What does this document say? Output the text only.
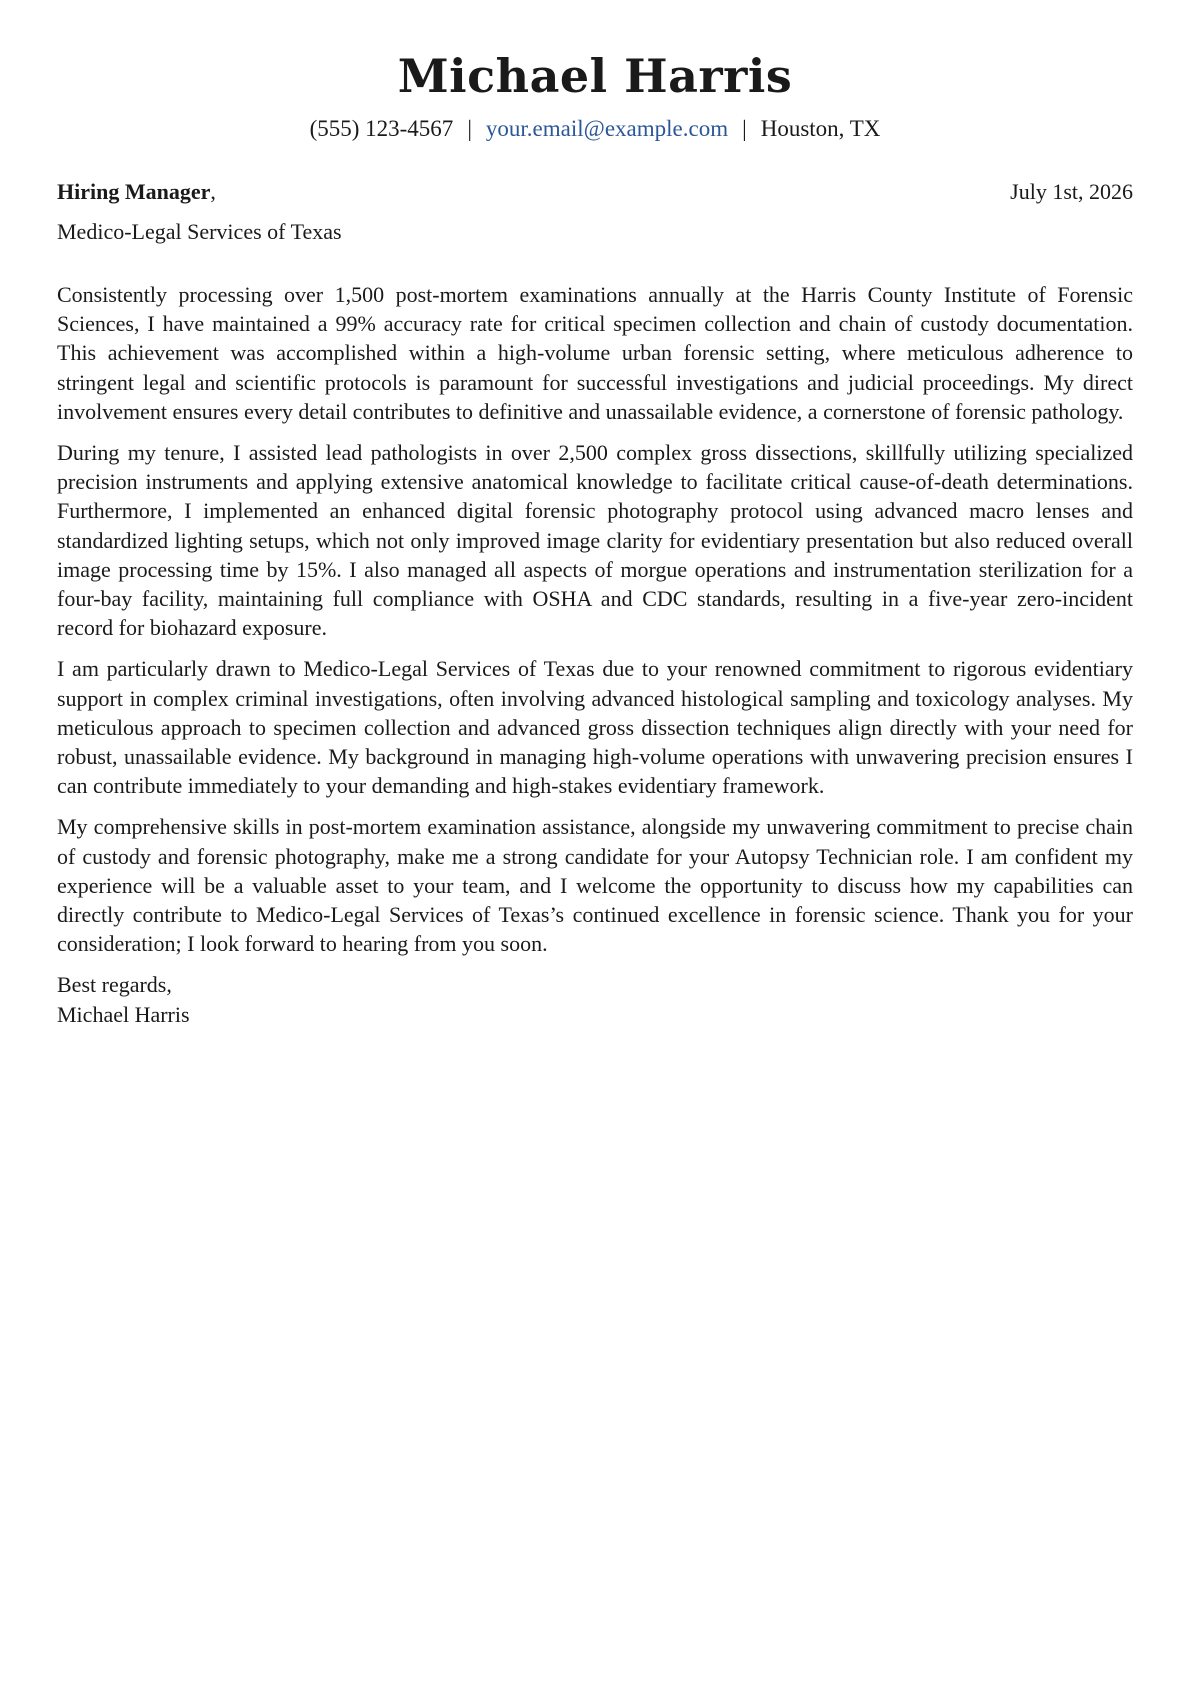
Michael Harris
(555) 123-4567 | your.email@example.com | Houston, TX
Hiring Manager,	July 1st, 2026
Medico-Legal Services of Texas

Consistently processing over 1,500 post-mortem examinations annually at the Harris County Institute of Forensic Sciences, I have maintained a 99% accuracy rate for critical specimen collection and chain of custody documentation. This achievement was accomplished within a high-volume urban forensic setting, where meticulous adherence to stringent legal and scientific protocols is paramount for successful investigations and judicial proceedings. My direct involvement ensures every detail contributes to definitive and unassailable evidence, a cornerstone of forensic pathology.

During my tenure, I assisted lead pathologists in over 2,500 complex gross dissections, skillfully utilizing specialized precision instruments and applying extensive anatomical knowledge to facilitate critical cause-of-death determinations. Furthermore, I implemented an enhanced digital forensic photography protocol using advanced macro lenses and standardized lighting setups, which not only improved image clarity for evidentiary presentation but also reduced overall image processing time by 15%. I also managed all aspects of morgue operations and instrumentation sterilization for a four-bay facility, maintaining full compliance with OSHA and CDC standards, resulting in a five-year zero-incident record for biohazard exposure.

I am particularly drawn to Medico-Legal Services of Texas due to your renowned commitment to rigorous evidentiary support in complex criminal investigations, often involving advanced histological sampling and toxicology analyses. My meticulous approach to specimen collection and advanced gross dissection techniques align directly with your need for robust, unassailable evidence. My background in managing high-volume operations with unwavering precision ensures I can contribute immediately to your demanding and high-stakes evidentiary framework.

My comprehensive skills in post-mortem examination assistance, alongside my unwavering commitment to precise chain of custody and forensic photography, make me a strong candidate for your Autopsy Technician role. I am confident my experience will be a valuable asset to your team, and I welcome the opportunity to discuss how my capabilities can directly contribute to Medico-Legal Services of Texas’s continued excellence in forensic science. Thank you for your consideration; I look forward to hearing from you soon.

Best regards,
Michael Harris
